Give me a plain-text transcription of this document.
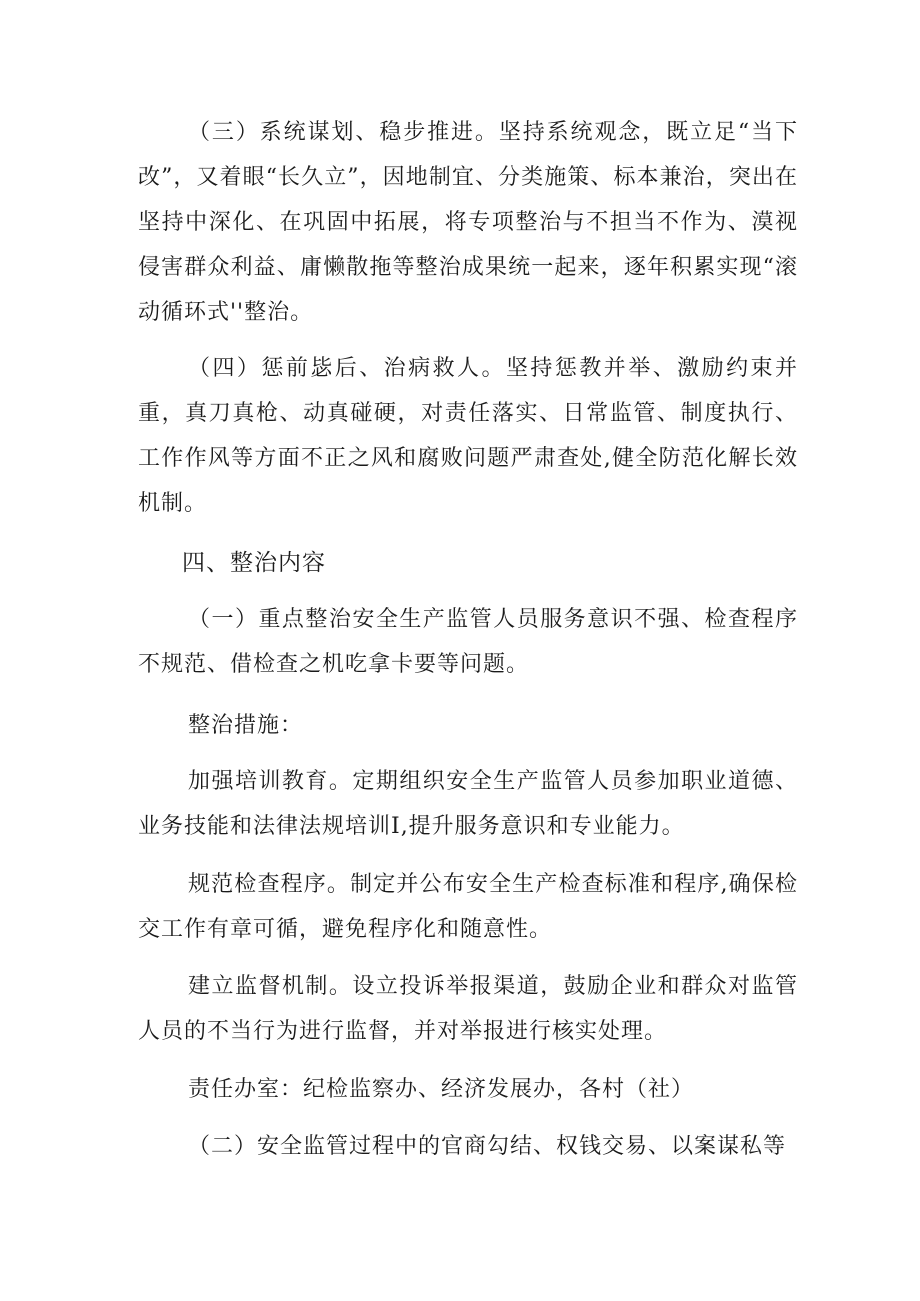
（三）系统谋划、稳步推进。坚持系统观念，既立足“当下改”，又着眼“长久立”，因地制宜、分类施策、标本兼治，突出在坚持中深化、在巩固中拓展，将专项整治与不担当不作为、漠视侵害群众利益、庸懒散拖等整治成果统一起来，逐年积累实现“滚动循环式''整治。

（四）惩前毖后、治病救人。坚持惩教并举、激励约束并重，真刀真枪、动真碰硬，对责任落实、日常监管、制度执行、工作作风等方面不正之风和腐败问题严肃查处,健全防范化解长效机制。

四、整治内容

（一）重点整治安全生产监管人员服务意识不强、检查程序不规范、借检查之机吃拿卡要等问题。

整治措施：

加强培训教育。定期组织安全生产监管人员参加职业道德、业务技能和法律法规培训Ⅰ,提升服务意识和专业能力。

规范检查程序。制定并公布安全生产检查标准和程序,确保检交工作有章可循，避免程序化和随意性。

建立监督机制。设立投诉举报渠道，鼓励企业和群众对监管人员的不当行为进行监督，并对举报进行核实处理。

责任办室：纪检监察办、经济发展办，各村（社）

（二）安全监管过程中的官商勾结、权钱交易、以案谋私等
